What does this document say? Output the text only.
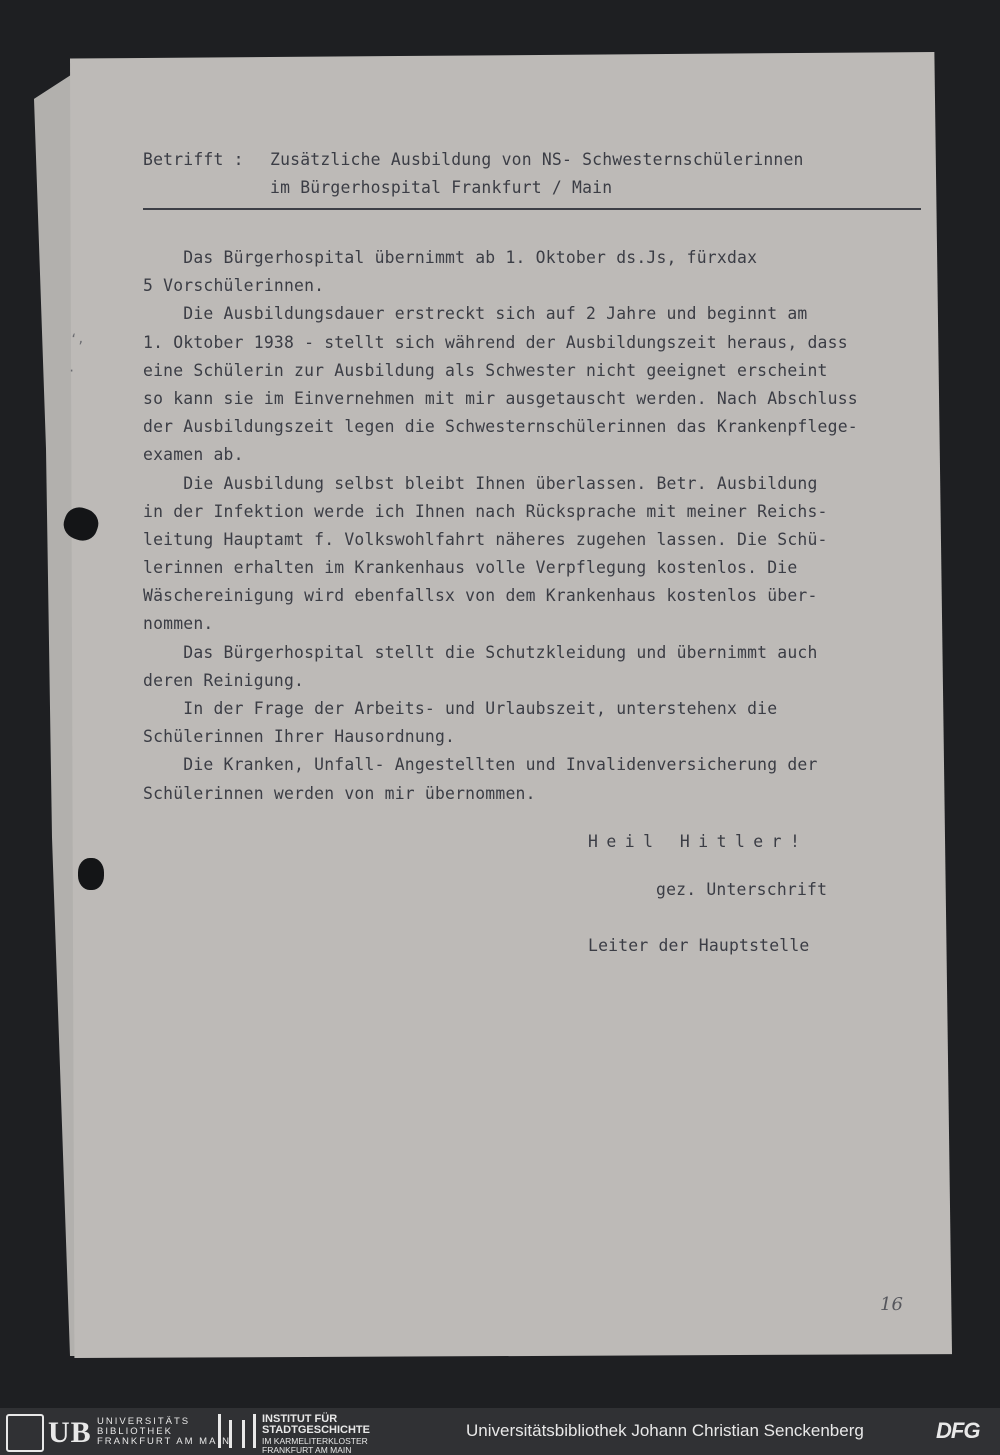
‘,
·
Betrifft : Zusätzliche Ausbildung von NS- Schwesternschülerinnen
im Bürgerhospital Frankfurt / Main
Das Bürgerhospital übernimmt ab 1. Oktober ds.Js, fürxdax
5 Vorschülerinnen.
Die Ausbildungsdauer erstreckt sich auf 2 Jahre und beginnt am
1. Oktober 1938 - stellt sich während der Ausbildungszeit heraus, dass
eine Schülerin zur Ausbildung als Schwester nicht geeignet erscheint
so kann sie im Einvernehmen mit mir ausgetauscht werden. Nach Abschluss
der Ausbildungszeit legen die Schwesternschülerinnen das Krankenpflege-
examen ab.
Die Ausbildung selbst bleibt Ihnen überlassen. Betr. Ausbildung
in der Infektion werde ich Ihnen nach Rücksprache mit meiner Reichs-
leitung Hauptamt f. Volkswohlfahrt näheres zugehen lassen. Die Schü-
lerinnen erhalten im Krankenhaus volle Verpflegung kostenlos. Die
Wäschereinigung wird ebenfallsx von dem Krankenhaus kostenlos über-
nommen.
Das Bürgerhospital stellt die Schutzkleidung und übernimmt auch
deren Reinigung.
In der Frage der Arbeits- und Urlaubszeit, unterstehenx die
Schülerinnen Ihrer Hausordnung.
Die Kranken, Unfall- Angestellten und Invalidenversicherung der
Schülerinnen werden von mir übernommen.
Heil Hitler!
gez. Unterschrift
Leiter der Hauptstelle
16
UB UNIVERSITÄTS
BIBLIOTHEK
FRANKFURT AM MAIN
INSTITUT FÜR
STADTGESCHICHTE
IM KARMELITERKLOSTER
FRANKFURT AM MAIN
Universitätsbibliothek Johann Christian Senckenberg	DFG
